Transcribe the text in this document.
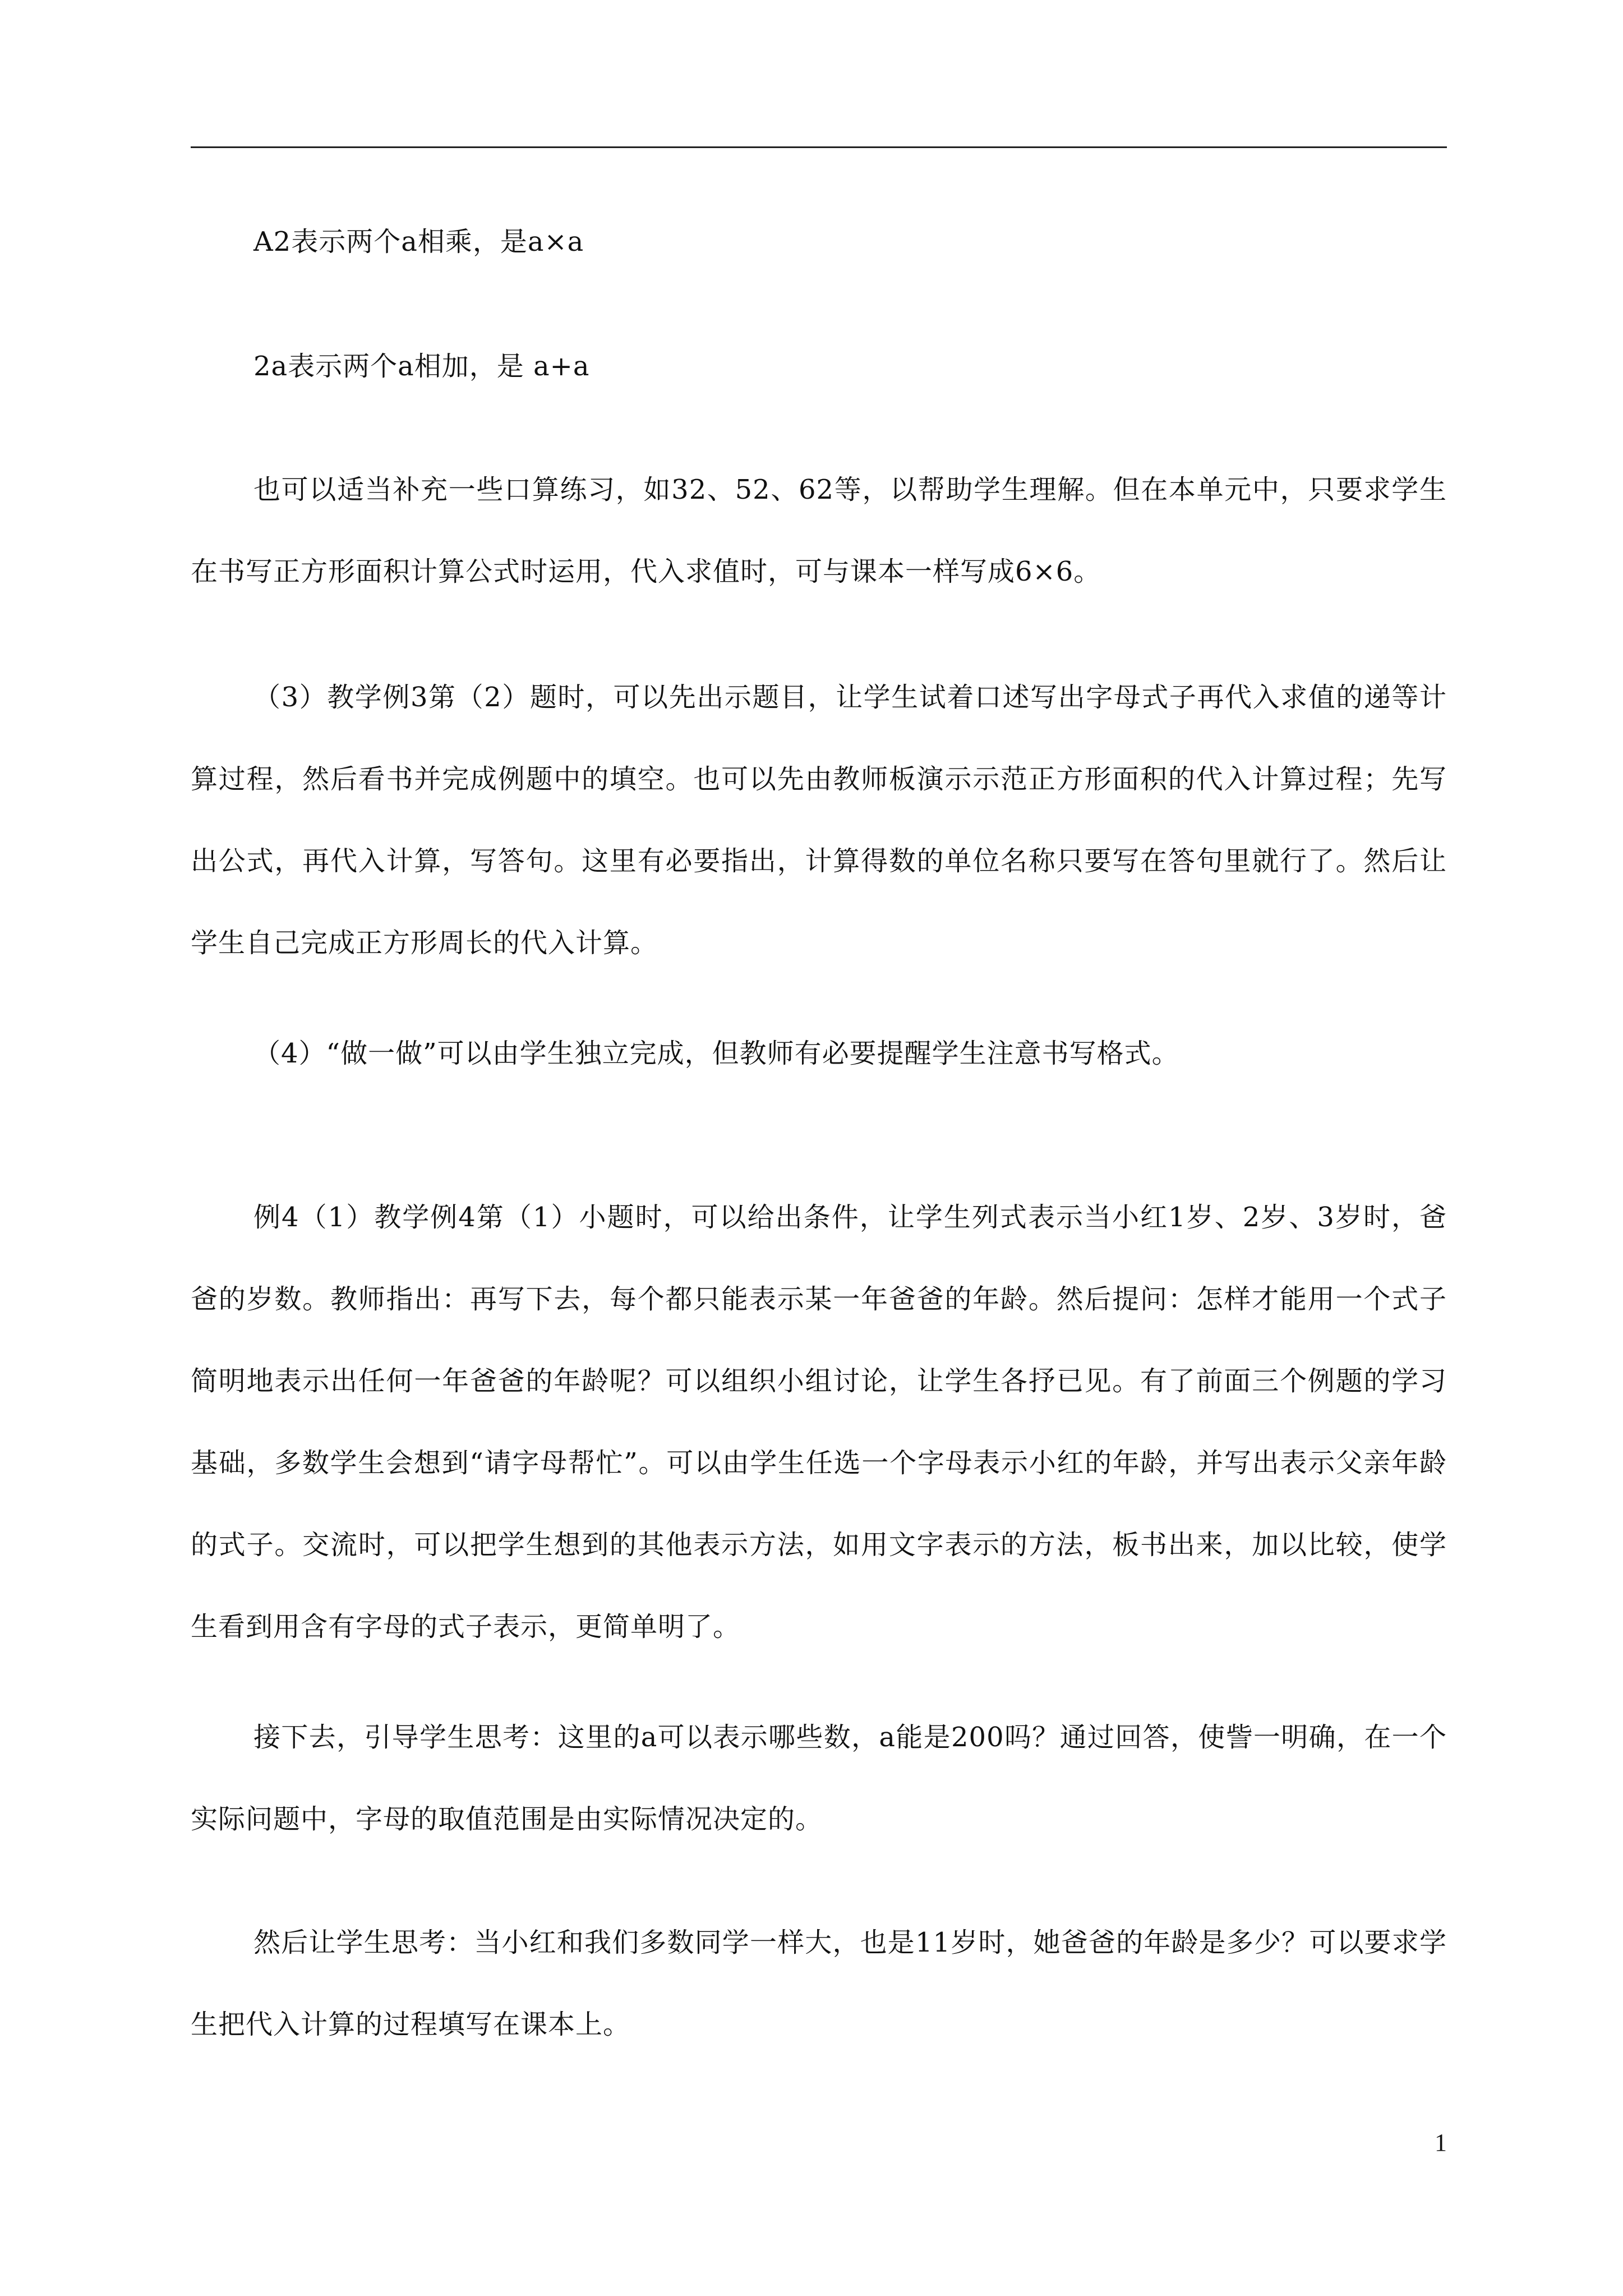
A2表示两个a相乘，是a×a

2a表示两个a相加，是 a+a

也可以适当补充一些口算练习，如32、52、62等，以帮助学生理解。但在本单元中，只要求学生在书写正方形面积计算公式时运用，代入求值时，可与课本一样写成6×6。

（3）教学例3第（2）题时，可以先出示题目，让学生试着口述写出字母式子再代入求值的递等计算过程，然后看书并完成例题中的填空。也可以先由教师板演示示范正方形面积的代入计算过程；先写出公式，再代入计算，写答句。这里有必要指出，计算得数的单位名称只要写在答句里就行了。然后让学生自己完成正方形周长的代入计算。

（4）“做一做”可以由学生独立完成，但教师有必要提醒学生注意书写格式。

例4（1）教学例4第（1）小题时，可以给出条件，让学生列式表示当小红1岁、2岁、3岁时，爸爸的岁数。教师指出：再写下去，每个都只能表示某一年爸爸的年龄。然后提问：怎样才能用一个式子简明地表示出任何一年爸爸的年龄呢？可以组织小组讨论，让学生各抒已见。有了前面三个例题的学习基础，多数学生会想到“请字母帮忙”。可以由学生任选一个字母表示小红的年龄，并写出表示父亲年龄的式子。交流时，可以把学生想到的其他表示方法，如用文字表示的方法，板书出来，加以比较，使学生看到用含有字母的式子表示，更简单明了。

接下去，引导学生思考：这里的a可以表示哪些数，a能是200吗？通过回答，使訾一明确，在一个实际问题中，字母的取值范围是由实际情况决定的。

然后让学生思考：当小红和我们多数同学一样大，也是11岁时，她爸爸的年龄是多少？可以要求学生把代入计算的过程填写在课本上。

1
